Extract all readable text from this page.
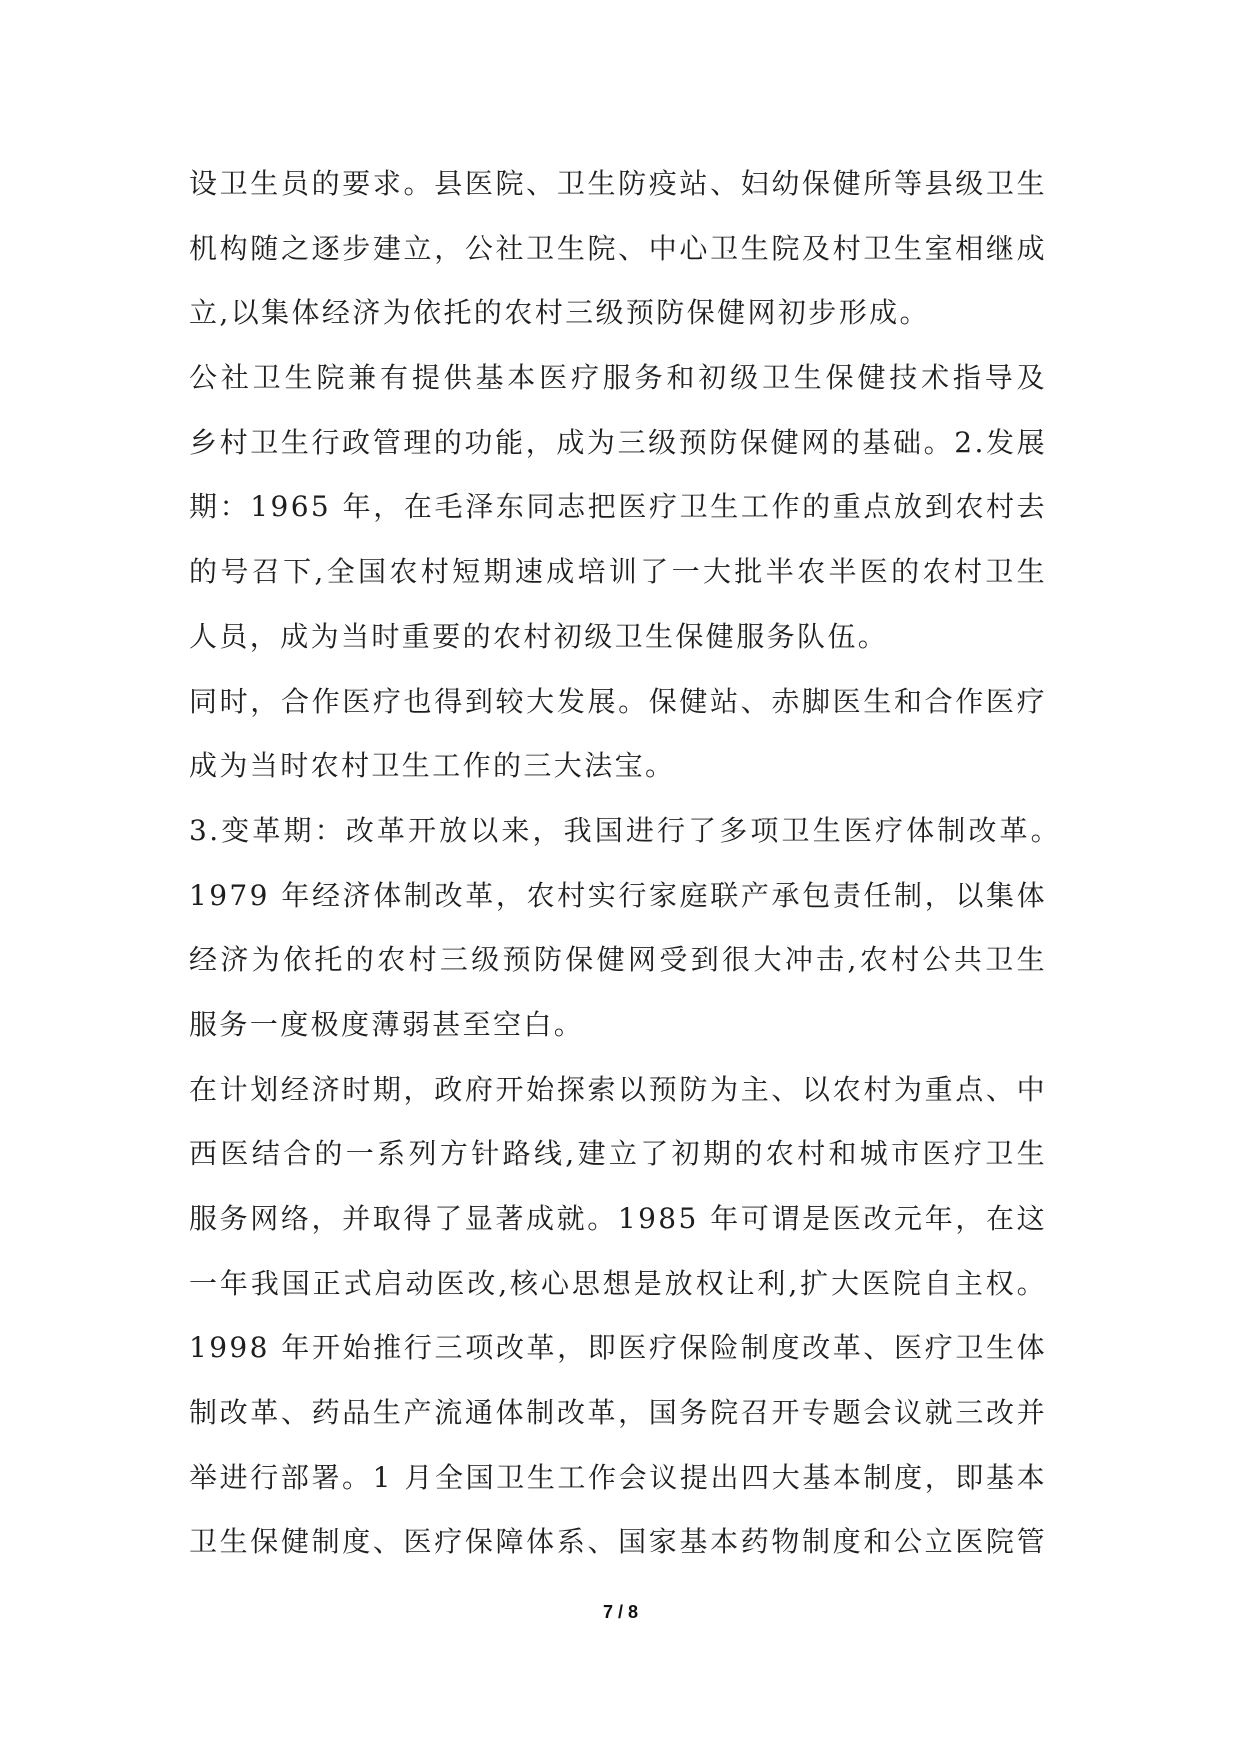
设卫生员的要求。县医院、卫生防疫站、妇幼保健所等县级卫生
机构随之逐步建立，公社卫生院、中心卫生院及村卫生室相继成
立,以集体经济为依托的农村三级预防保健网初步形成。
公社卫生院兼有提供基本医疗服务和初级卫生保健技术指导及
乡村卫生行政管理的功能，成为三级预防保健网的基础。2.发展
期：1965 年，在毛泽东同志把医疗卫生工作的重点放到农村去
的号召下,全国农村短期速成培训了一大批半农半医的农村卫生
人员，成为当时重要的农村初级卫生保健服务队伍。
同时，合作医疗也得到较大发展。保健站、赤脚医生和合作医疗
成为当时农村卫生工作的三大法宝。
3.变革期：改革开放以来，我国进行了多项卫生医疗体制改革。
1979 年经济体制改革，农村实行家庭联产承包责任制，以集体
经济为依托的农村三级预防保健网受到很大冲击,农村公共卫生
服务一度极度薄弱甚至空白。
在计划经济时期，政府开始探索以预防为主、以农村为重点、中
西医结合的一系列方针路线,建立了初期的农村和城市医疗卫生
服务网络，并取得了显著成就。1985 年可谓是医改元年，在这
一年我国正式启动医改,核心思想是放权让利,扩大医院自主权。
1998 年开始推行三项改革，即医疗保险制度改革、医疗卫生体
制改革、药品生产流通体制改革，国务院召开专题会议就三改并
举进行部署。1 月全国卫生工作会议提出四大基本制度，即基本
卫生保健制度、医疗保障体系、国家基本药物制度和公立医院管
7 / 8
